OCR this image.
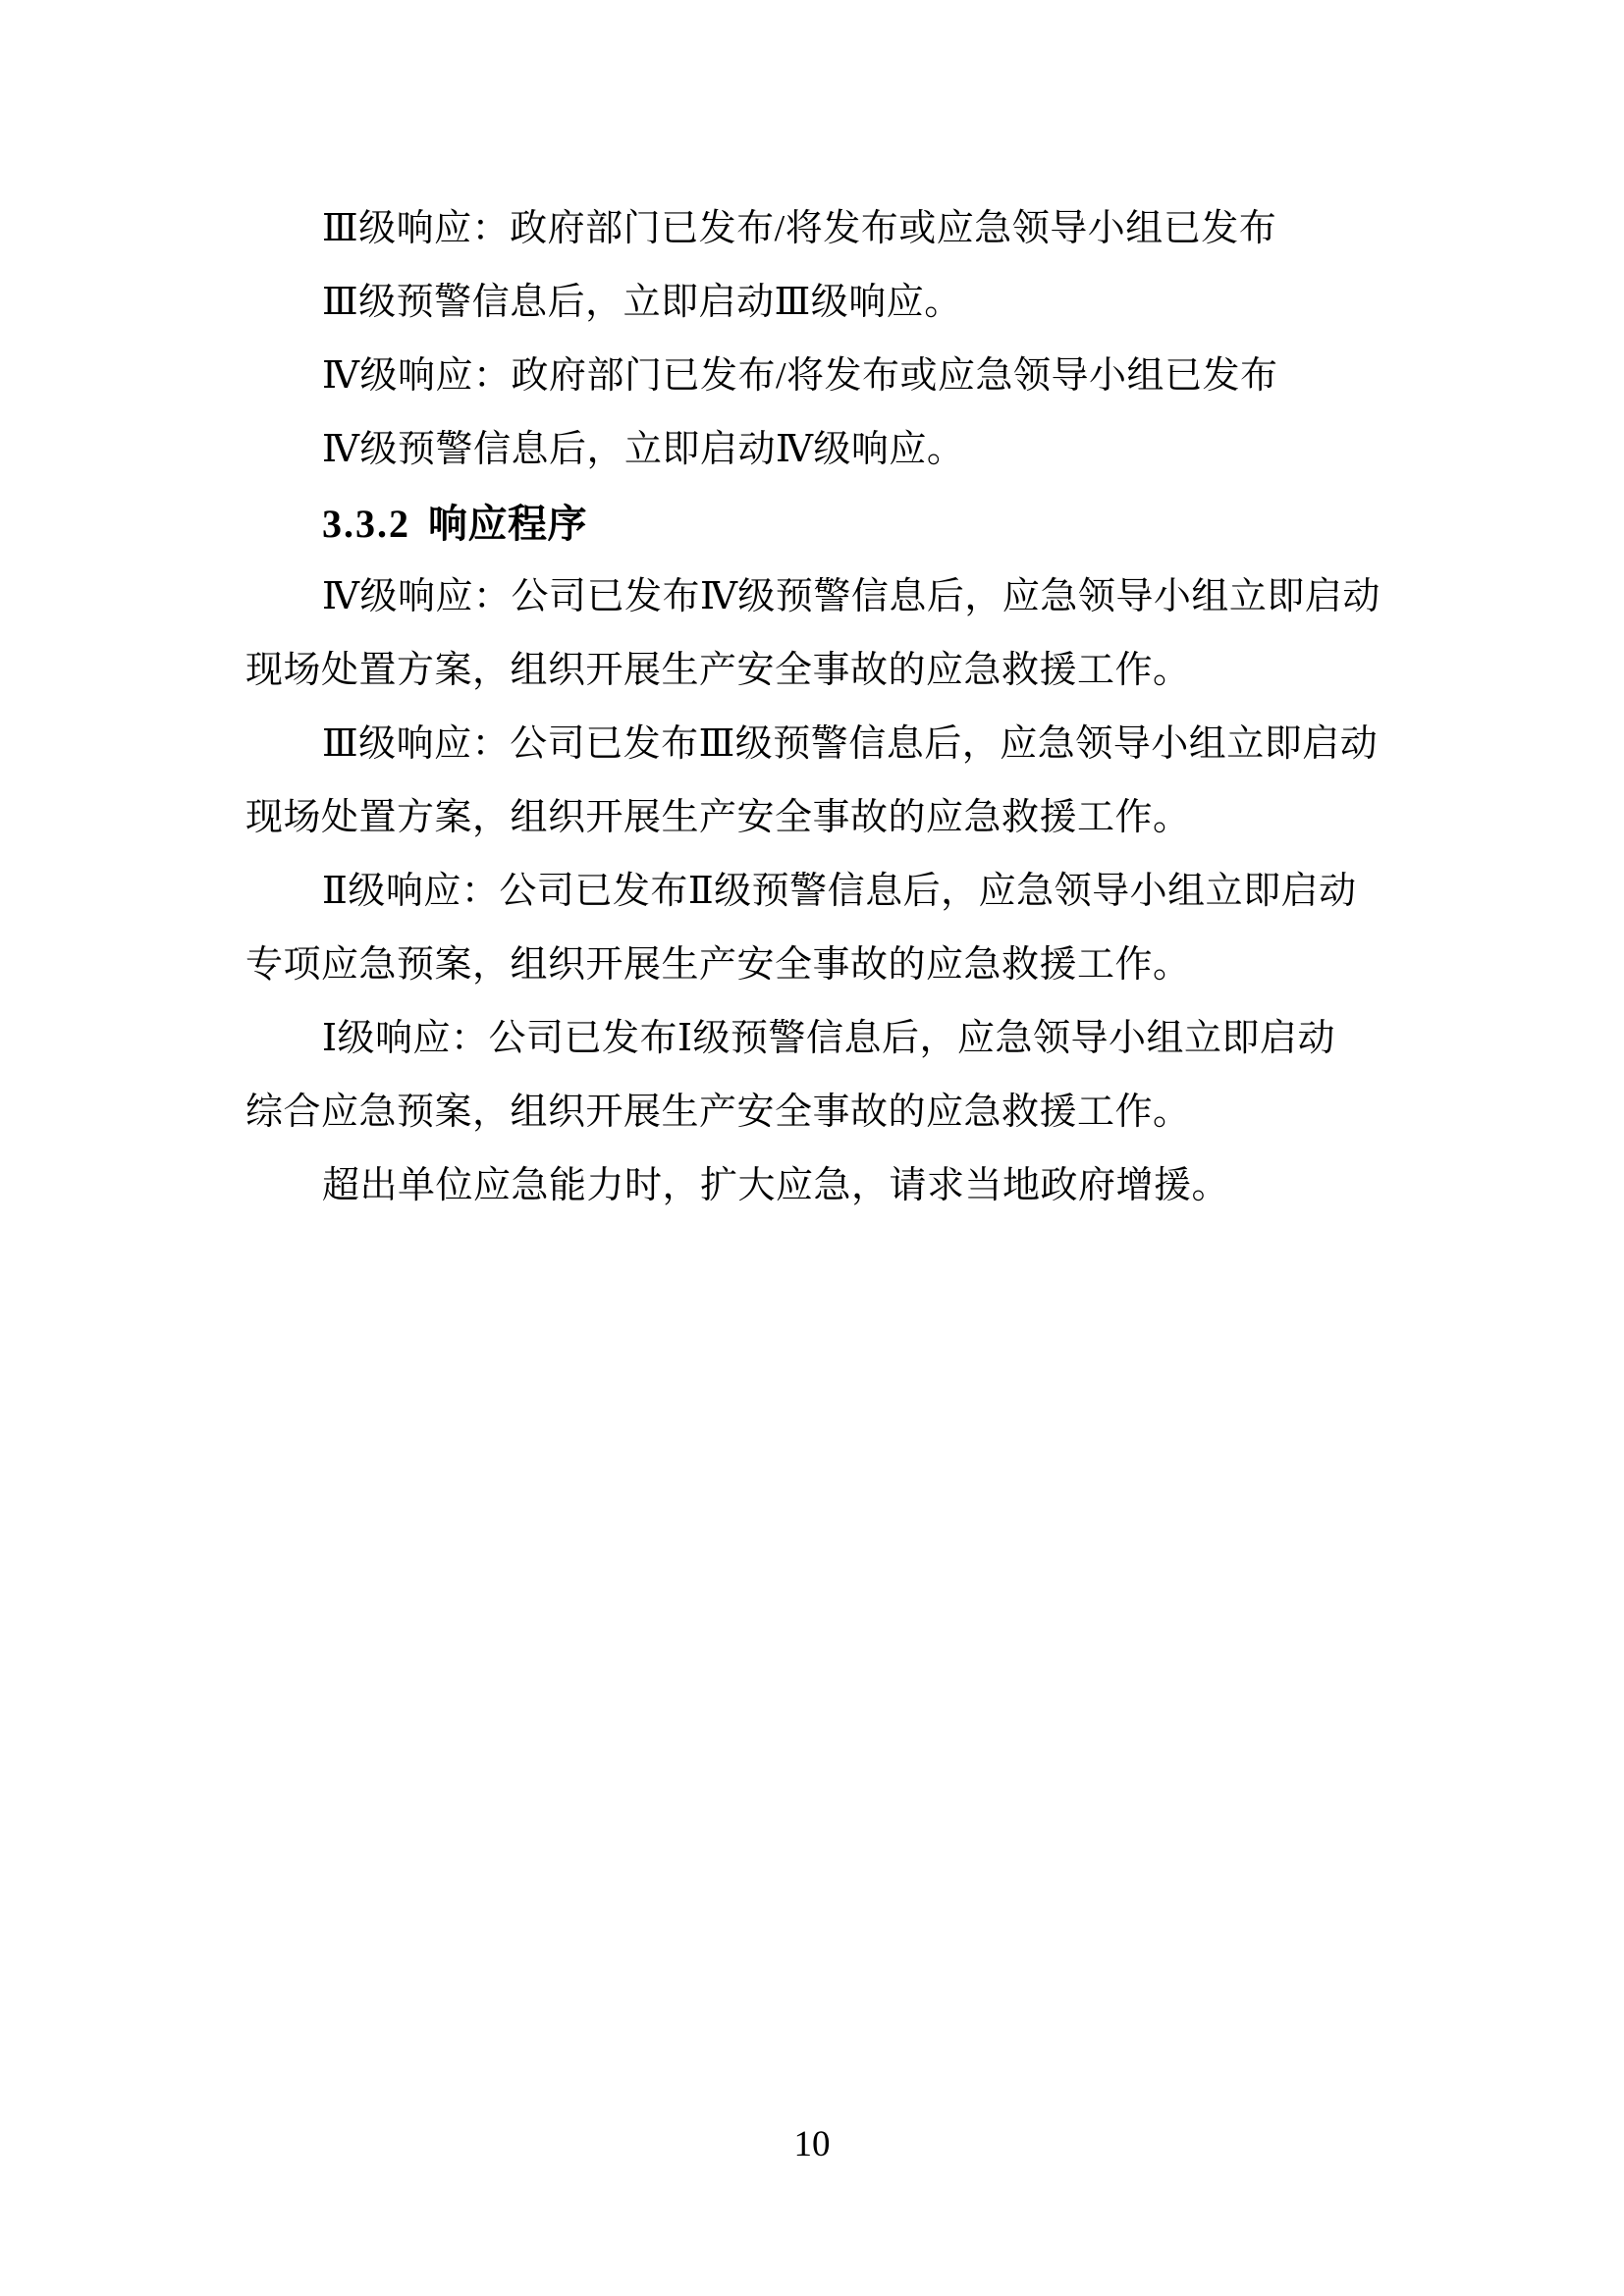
Ⅲ级响应：政府部门已发布/将发布或应急领导小组已发布
Ⅲ级预警信息后，立即启动Ⅲ级响应。
Ⅳ级响应：政府部门已发布/将发布或应急领导小组已发布
Ⅳ级预警信息后，立即启动Ⅳ级响应。
3.3.2 响应程序
Ⅳ级响应：公司已发布Ⅳ级预警信息后，应急领导小组立即启动
现场处置方案，组织开展生产安全事故的应急救援工作。
Ⅲ级响应：公司已发布Ⅲ级预警信息后，应急领导小组立即启动
现场处置方案，组织开展生产安全事故的应急救援工作。
Ⅱ级响应：公司已发布Ⅱ级预警信息后，应急领导小组立即启动
专项应急预案，组织开展生产安全事故的应急救援工作。
Ⅰ级响应：公司已发布Ⅰ级预警信息后，应急领导小组立即启动
综合应急预案，组织开展生产安全事故的应急救援工作。
超出单位应急能力时，扩大应急，请求当地政府增援。
10
